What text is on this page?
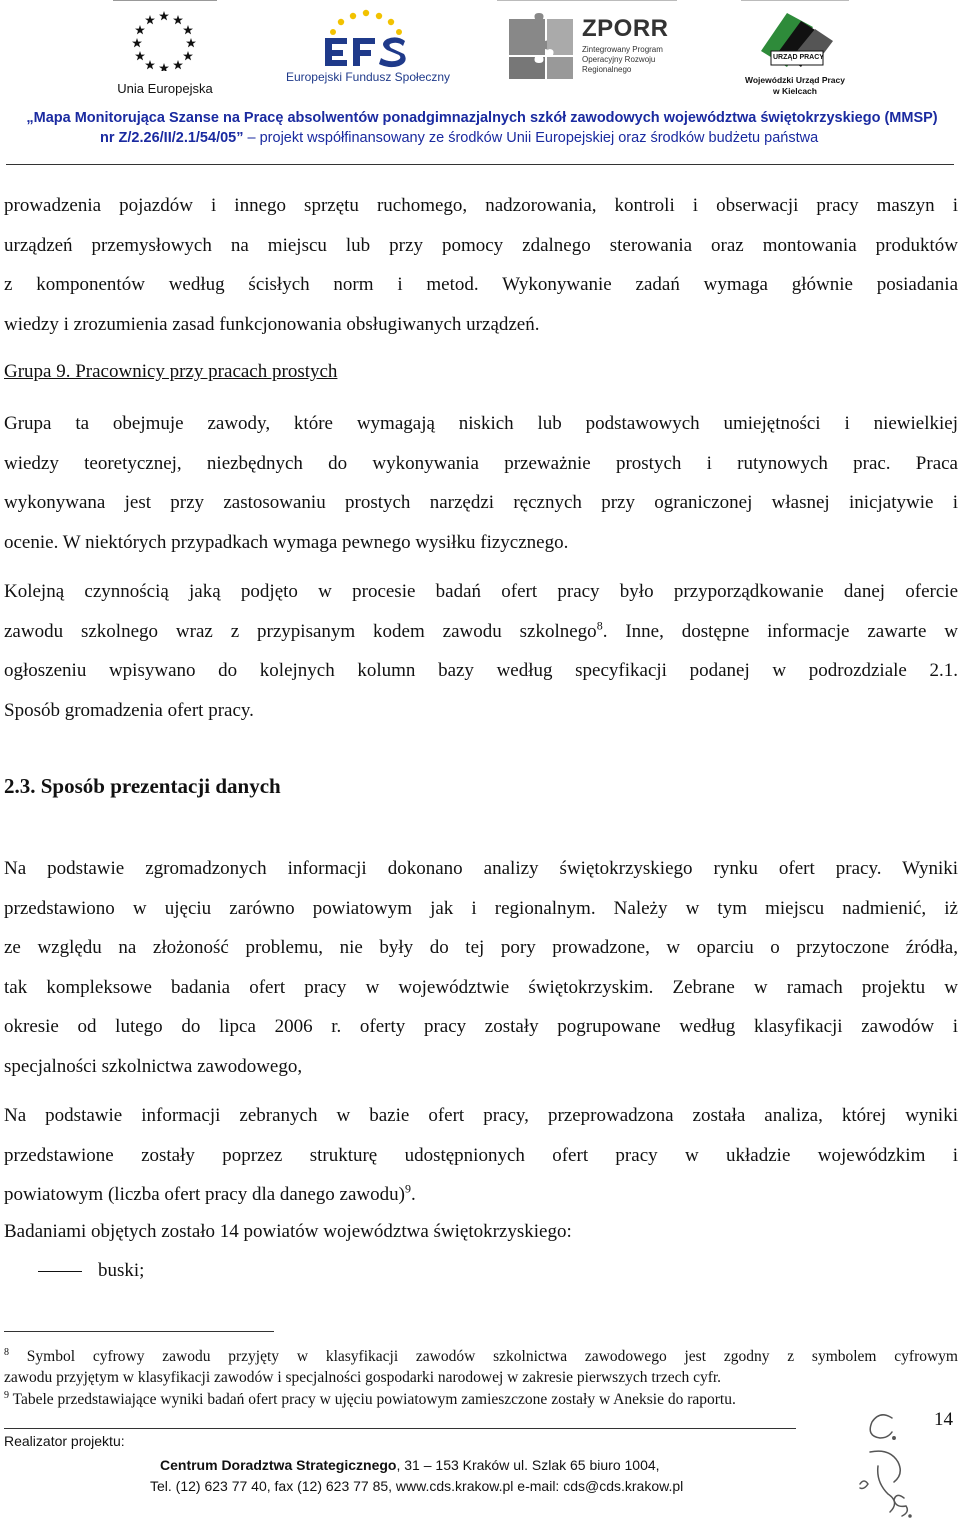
Unia Europejska
Europejski Fundusz Społeczny
ZPORR
Zintegrowany Program Operacyjny Rozwoju Regionalnego
URZĄD PRACY
Wojewódzki Urząd Pracy w Kielcach
„Mapa Monitorująca Szanse na Pracę absolwentów ponadgimnazjalnych szkół zawodowych województwa świętokrzyskiego (MMSP)
nr Z/2.26/II/2.1/54/05” – projekt współfinansowany ze środków Unii Europejskiej oraz środków budżetu państwa
prowadzenia pojazdów i innego sprzętu ruchomego, nadzorowania, kontroli i obserwacji pracy maszyn i
urządzeń przemysłowych na miejscu lub przy pomocy zdalnego sterowania oraz montowania produktów
z komponentów według ścisłych norm i metod. Wykonywanie zadań wymaga głównie posiadania
wiedzy i zrozumienia zasad funkcjonowania obsługiwanych urządzeń.
Grupa 9. Pracownicy przy pracach prostych
Grupa ta obejmuje zawody, które wymagają niskich lub podstawowych umiejętności i niewielkiej
wiedzy teoretycznej, niezbędnych do wykonywania przeważnie prostych i rutynowych prac. Praca
wykonywana jest przy zastosowaniu prostych narzędzi ręcznych przy ograniczonej własnej inicjatywie i
ocenie. W niektórych przypadkach wymaga pewnego wysiłku fizycznego.
Kolejną czynnością jaką podjęto w procesie badań ofert pracy było przyporządkowanie danej ofercie
zawodu szkolnego wraz z przypisanym kodem zawodu szkolnego$^8$. Inne, dostępne informacje zawarte w
ogłoszeniu wpisywano do kolejnych kolumn bazy według specyfikacji podanej w podrozdziale 2.1.
Sposób gromadzenia ofert pracy.
2.3. Sposób prezentacji danych
Na podstawie zgromadzonych informacji dokonano analizy świętokrzyskiego rynku ofert pracy. Wyniki
przedstawiono w ujęciu zarówno powiatowym jak i regionalnym. Należy w tym miejscu nadmienić, iż
ze względu na złożoność problemu, nie były do tej pory prowadzone, w oparciu o przytoczone źródła,
tak kompleksowe badania ofert pracy w województwie świętokrzyskim. Zebrane w ramach projektu w
okresie od lutego do lipca 2006 r. oferty pracy zostały pogrupowane według klasyfikacji zawodów i
specjalności szkolnictwa zawodowego,
Na podstawie informacji zebranych w bazie ofert pracy, przeprowadzona została analiza, której wyniki
przedstawione zostały poprzez strukturę udostępnionych ofert pracy w układzie wojewódzkim i
powiatowym (liczba ofert pracy dla danego zawodu)$^9$.
Badaniami objętych zostało 14 powiatów województwa świętokrzyskiego:
buski;
$^8$ Symbol cyfrowy zawodu przyjęty w klasyfikacji zawodów szkolnictwa zawodowego jest zgodny z symbolem cyfrowym
zawodu przyjętym w klasyfikacji zawodów i specjalności gospodarki narodowej w zakresie pierwszych trzech cyfr.
$^9$ Tabele przedstawiające wyniki badań ofert pracy w ujęciu powiatowym zamieszczone zostały w Aneksie do raportu.
14
Realizator projektu:
Centrum Doradztwa Strategicznego, 31 – 153 Kraków ul. Szlak 65 biuro 1004,
Tel. (12) 623 77 40, fax (12) 623 77 85, www.cds.krakow.pl e-mail: cds@cds.krakow.pl
